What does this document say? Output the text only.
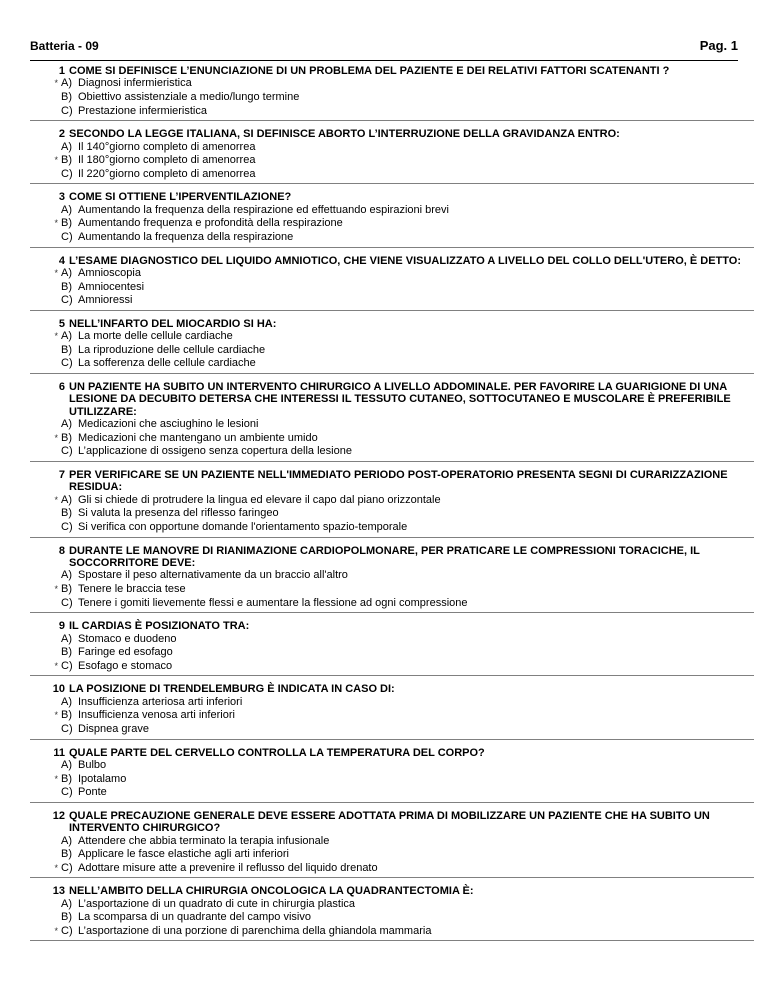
Batteria - 09	Pag. 1
1 COME SI DEFINISCE L’ENUNCIAZIONE DI UN PROBLEMA DEL PAZIENTE E DEI RELATIVI FATTORI SCATENANTI ?
* A) Diagnosi infermieristica
B) Obiettivo assistenziale a medio/lungo termine
C) Prestazione infermieristica
2 SECONDO LA LEGGE ITALIANA, SI DEFINISCE ABORTO L’INTERRUZIONE DELLA GRAVIDANZA ENTRO:
A) Il 140°giorno completo di amenorrea
* B) Il 180°giorno completo di amenorrea
C) Il 220°giorno completo di amenorrea
3 COME SI OTTIENE L’IPERVENTILAZIONE?
A) Aumentando la frequenza della respirazione ed effettuando espirazioni brevi
* B) Aumentando frequenza e profondità della respirazione
C) Aumentando la frequenza della respirazione
4 L’ESAME DIAGNOSTICO DEL LIQUIDO AMNIOTICO, CHE VIENE VISUALIZZATO A LIVELLO DEL COLLO DELL'UTERO, È DETTO:
* A) Amnioscopia
B) Amniocentesi
C) Amnioressi
5 NELL’INFARTO DEL MIOCARDIO SI HA:
* A) La morte delle cellule cardiache
B) La riproduzione delle cellule cardiache
C) La sofferenza delle cellule cardiache
6 UN PAZIENTE HA SUBITO UN INTERVENTO CHIRURGICO A LIVELLO ADDOMINALE. PER FAVORIRE LA GUARIGIONE DI UNA LESIONE DA DECUBITO DETERSA CHE INTERESSI IL TESSUTO CUTANEO, SOTTOCUTANEO E MUSCOLARE È PREFERIBILE UTILIZZARE:
A) Medicazioni che asciughino le lesioni
* B) Medicazioni che mantengano un ambiente umido
C) L’applicazione di ossigeno senza copertura della lesione
7 PER VERIFICARE SE UN PAZIENTE NELL'IMMEDIATO PERIODO POST-OPERATORIO PRESENTA SEGNI DI CURARIZZAZIONE RESIDUA:
* A) Gli si chiede di protrudere la lingua ed elevare il capo dal piano orizzontale
B) Si valuta la presenza del riflesso faringeo
C) Si verifica con opportune domande l'orientamento spazio-temporale
8 DURANTE LE MANOVRE DI RIANIMAZIONE CARDIOPOLMONARE, PER PRATICARE LE COMPRESSIONI TORACICHE, IL SOCCORRITORE DEVE:
A) Spostare il peso alternativamente da un braccio all'altro
* B) Tenere le braccia tese
C) Tenere i gomiti lievemente flessi e aumentare la flessione ad ogni compressione
9 IL CARDIAS È POSIZIONATO TRA:
A) Stomaco e duodeno
B) Faringe ed esofago
* C) Esofago e stomaco
10 LA POSIZIONE DI TRENDELEMBURG È INDICATA IN CASO DI:
A) Insufficienza arteriosa arti inferiori
* B) Insufficienza venosa arti inferiori
C) Dispnea grave
11 QUALE PARTE DEL CERVELLO CONTROLLA LA TEMPERATURA DEL CORPO?
A) Bulbo
* B) Ipotalamo
C) Ponte
12 QUALE PRECAUZIONE GENERALE DEVE ESSERE ADOTTATA PRIMA DI MOBILIZZARE UN PAZIENTE CHE HA SUBITO UN INTERVENTO CHIRURGICO?
A) Attendere che abbia terminato la terapia infusionale
B) Applicare le fasce elastiche agli arti inferiori
* C) Adottare misure atte a prevenire il reflusso del liquido drenato
13 NELL’AMBITO DELLA CHIRURGIA ONCOLOGICA LA QUADRANTECTOMIA È:
A) L’asportazione di un quadrato di cute in chirurgia plastica
B) La scomparsa di un quadrante del campo visivo
* C) L’asportazione di una porzione di parenchima della ghiandola mammaria
